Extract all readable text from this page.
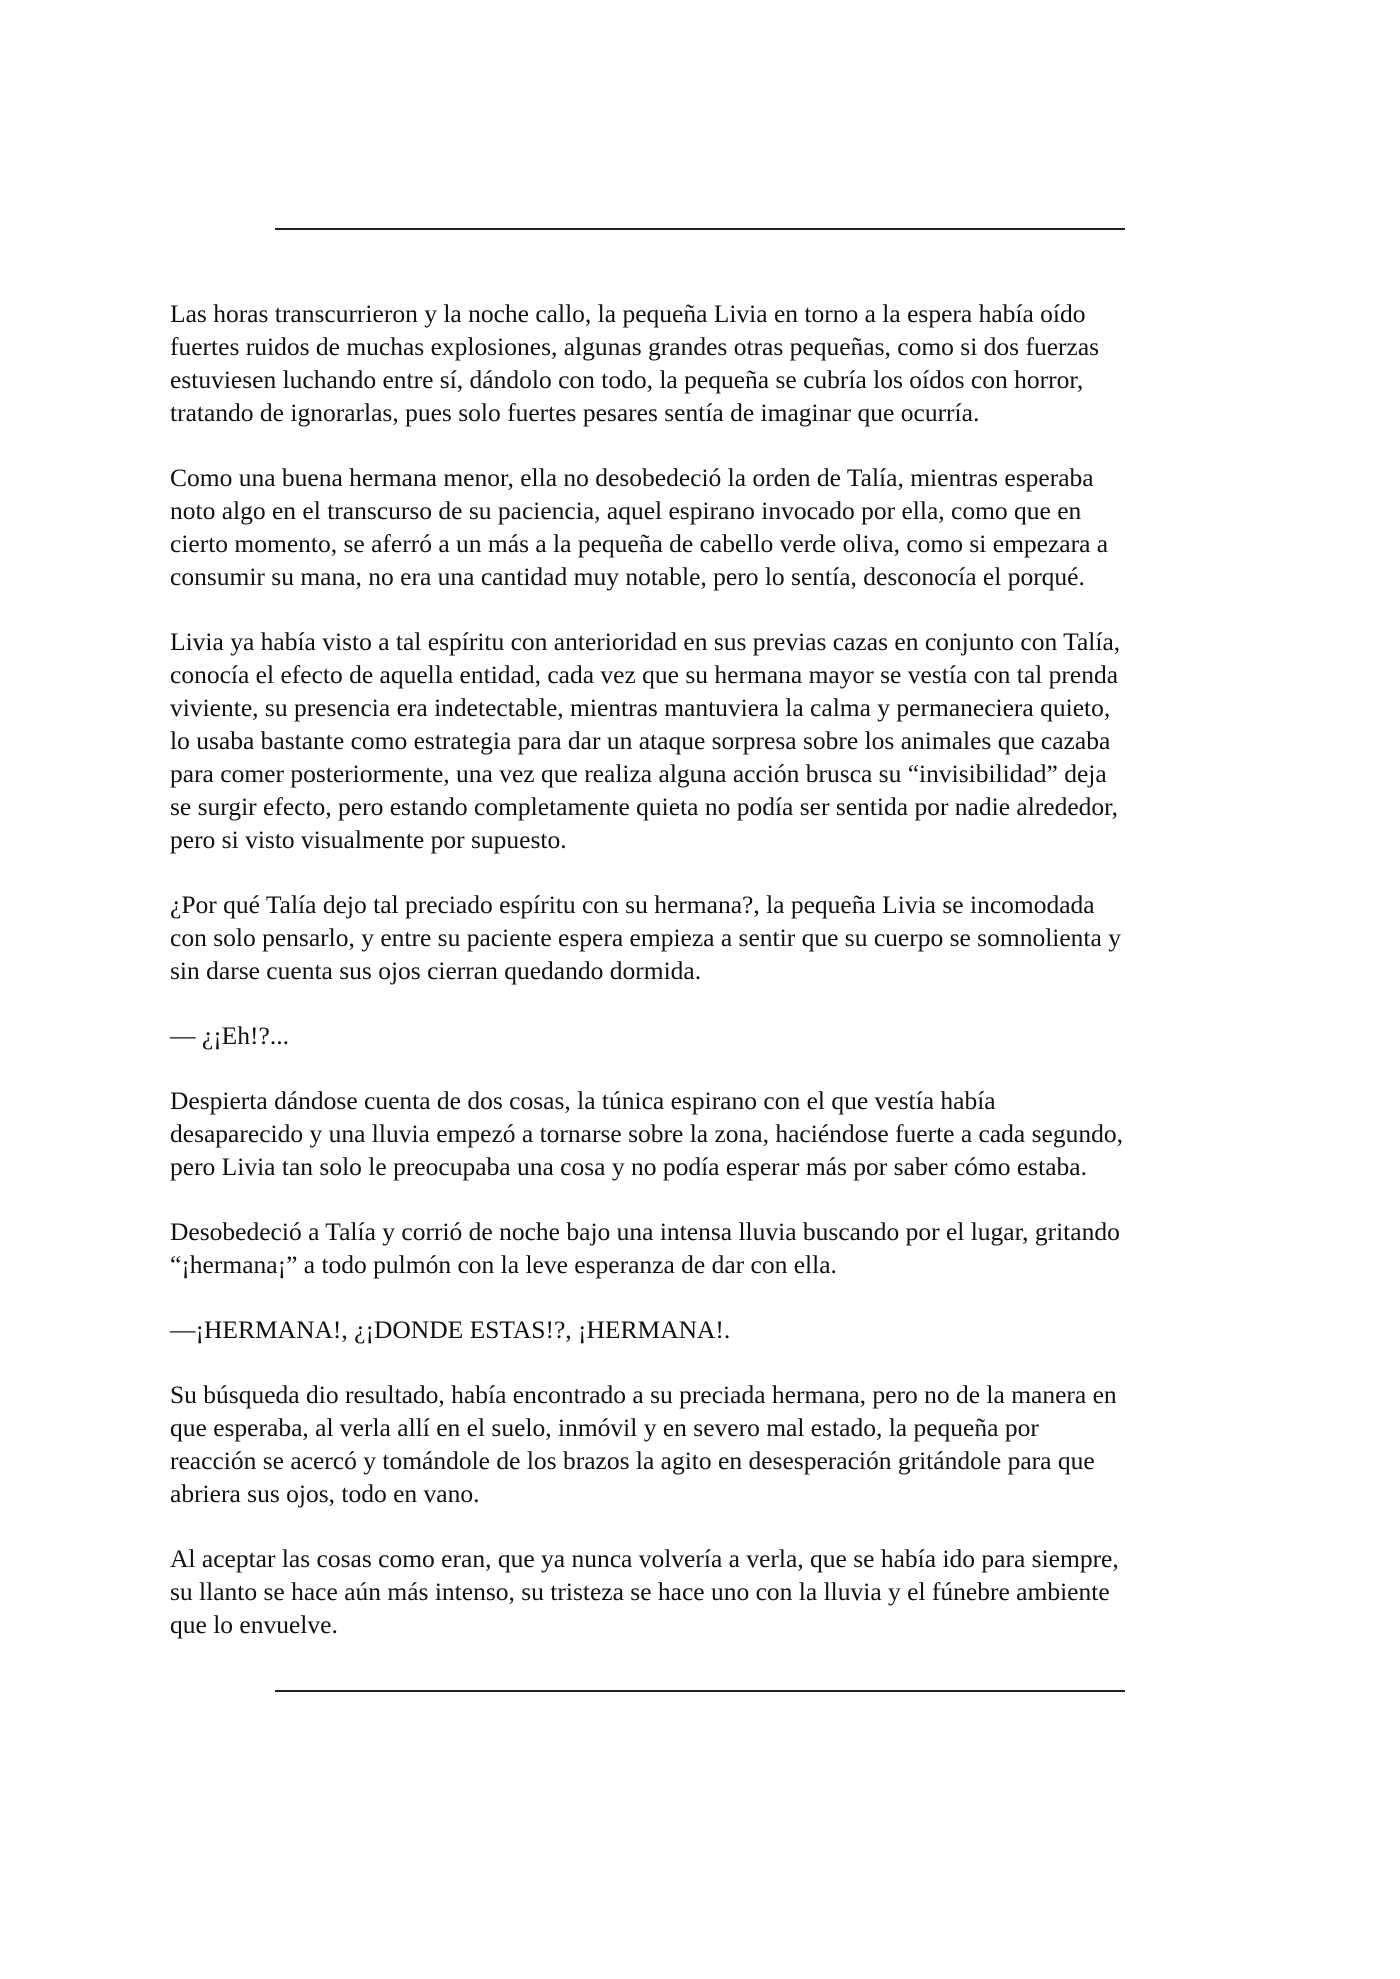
Las horas transcurrieron y la noche callo, la pequeña Livia en torno a la espera había oído
fuertes ruidos de muchas explosiones, algunas grandes otras pequeñas, como si dos fuerzas
estuviesen luchando entre sí, dándolo con todo, la pequeña se cubría los oídos con horror,
tratando de ignorarlas, pues solo fuertes pesares sentía de imaginar que ocurría.

Como una buena hermana menor, ella no desobedeció la orden de Talía, mientras esperaba
noto algo en el transcurso de su paciencia, aquel espirano invocado por ella, como que en
cierto momento, se aferró a un más a la pequeña de cabello verde oliva, como si empezara a
consumir su mana, no era una cantidad muy notable, pero lo sentía, desconocía el porqué.

Livia ya había visto a tal espíritu con anterioridad en sus previas cazas en conjunto con Talía,
conocía el efecto de aquella entidad, cada vez que su hermana mayor se vestía con tal prenda
viviente, su presencia era indetectable, mientras mantuviera la calma y permaneciera quieto,
lo usaba bastante como estrategia para dar un ataque sorpresa sobre los animales que cazaba
para comer posteriormente, una vez que realiza alguna acción brusca su “invisibilidad” deja
se surgir efecto, pero estando completamente quieta no podía ser sentida por nadie alrededor,
pero si visto visualmente por supuesto.

¿Por qué Talía dejo tal preciado espíritu con su hermana?, la pequeña Livia se incomodada
con solo pensarlo, y entre su paciente espera empieza a sentir que su cuerpo se somnolienta y
sin darse cuenta sus ojos cierran quedando dormida.

— ¿¡Eh!?...

Despierta dándose cuenta de dos cosas, la túnica espirano con el que vestía había
desaparecido y una lluvia empezó a tornarse sobre la zona, haciéndose fuerte a cada segundo,
pero Livia tan solo le preocupaba una cosa y no podía esperar más por saber cómo estaba.

Desobedeció a Talía y corrió de noche bajo una intensa lluvia buscando por el lugar, gritando
“¡hermana¡” a todo pulmón con la leve esperanza de dar con ella.

—¡HERMANA!, ¿¡DONDE ESTAS!?, ¡HERMANA!.

Su búsqueda dio resultado, había encontrado a su preciada hermana, pero no de la manera en
que esperaba, al verla allí en el suelo, inmóvil y en severo mal estado, la pequeña por
reacción se acercó y tomándole de los brazos la agito en desesperación gritándole para que
abriera sus ojos, todo en vano.

Al aceptar las cosas como eran, que ya nunca volvería a verla, que se había ido para siempre,
su llanto se hace aún más intenso, su tristeza se hace uno con la lluvia y el fúnebre ambiente
que lo envuelve.
